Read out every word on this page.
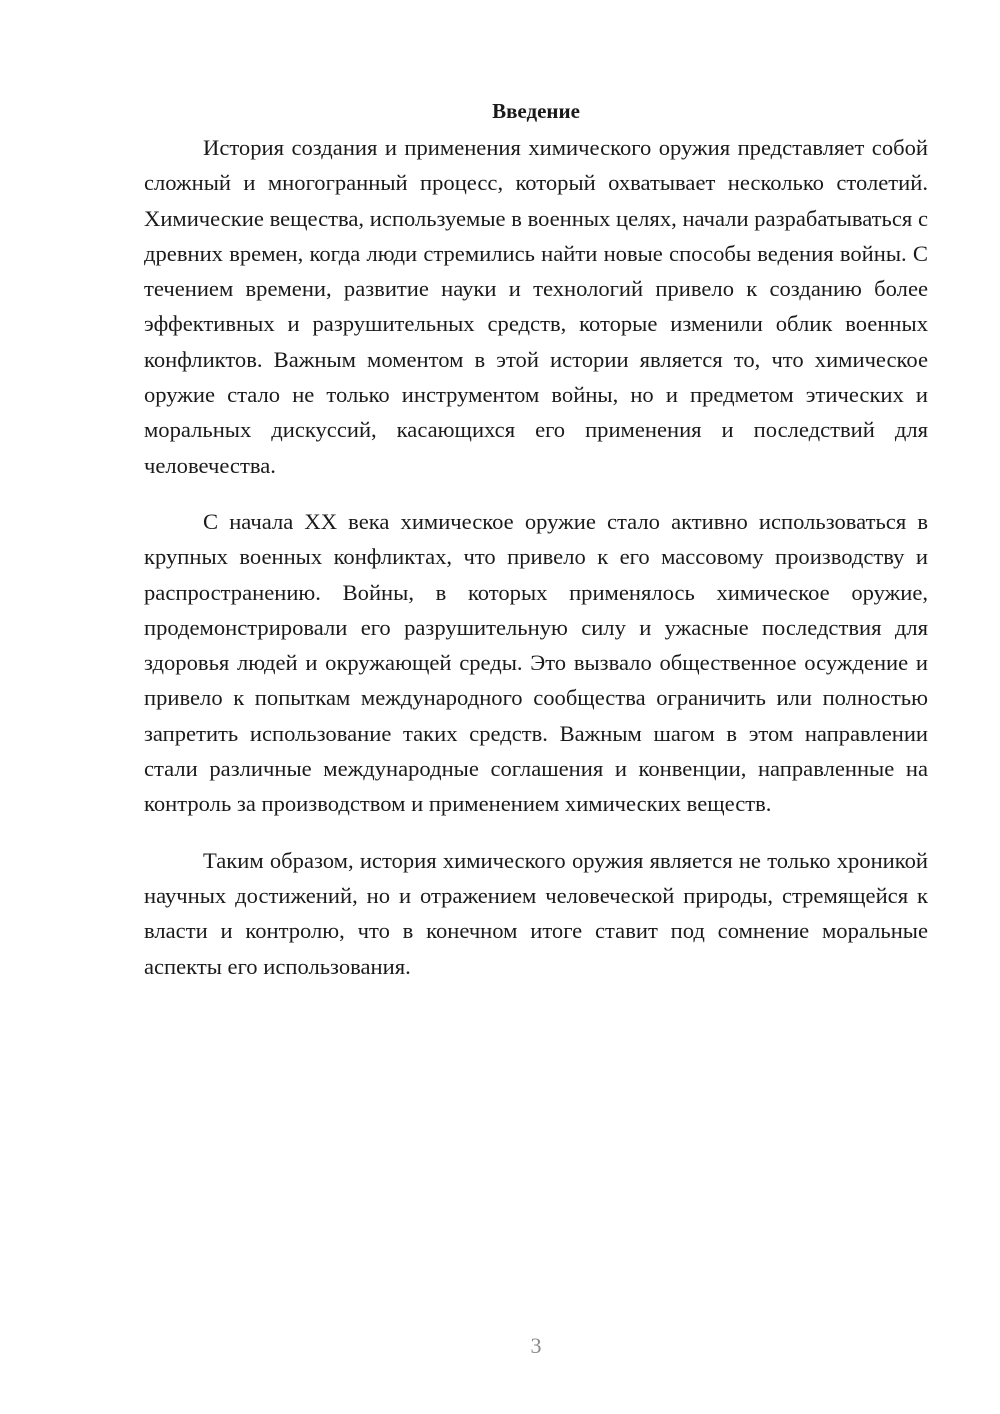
Введение

История создания и применения химического оружия представляет собой сложный и многогранный процесс, который охватывает несколько столетий. Химические вещества, используемые в военных целях, начали разрабатываться с древних времен, когда люди стремились найти новые способы ведения войны. С течением времени, развитие науки и технологий привело к созданию более эффективных и разрушительных средств, которые изменили облик военных конфликтов. Важным моментом в этой истории является то, что химическое оружие стало не только инструментом войны, но и предметом этических и моральных дискуссий, касающихся его применения и последствий для человечества.

С начала XX века химическое оружие стало активно использоваться в крупных военных конфликтах, что привело к его массовому производству и распространению. Войны, в которых применялось химическое оружие, продемонстрировали его разрушительную силу и ужасные последствия для здоровья людей и окружающей среды. Это вызвало общественное осуждение и привело к попыткам международного сообщества ограничить или полностью запретить использование таких средств. Важным шагом в этом направлении стали различные международные соглашения и конвенции, направленные на контроль за производством и применением химических веществ.

Таким образом, история химического оружия является не только хроникой научных достижений, но и отражением человеческой природы, стремящейся к власти и контролю, что в конечном итоге ставит под сомнение моральные аспекты его использования.

3
